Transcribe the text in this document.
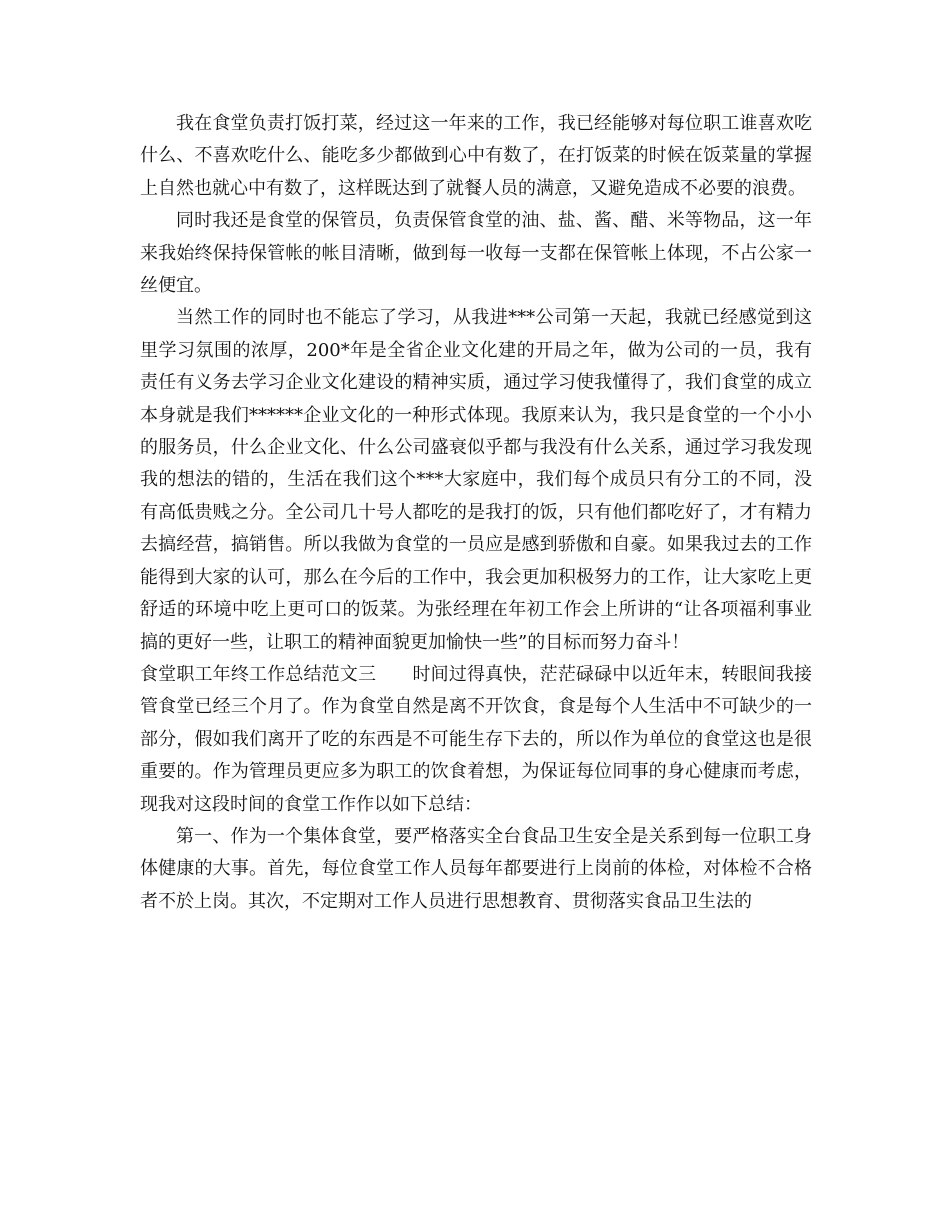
我在食堂负责打饭打菜，经过这一年来的工作，我已经能够对每位职工谁喜欢吃什么、不喜欢吃什么、能吃多少都做到心中有数了，在打饭菜的时候在饭菜量的掌握上自然也就心中有数了，这样既达到了就餐人员的满意，又避免造成不必要的浪费。

同时我还是食堂的保管员，负责保管食堂的油、盐、酱、醋、米等物品，这一年来我始终保持保管帐的帐目清晰，做到每一收每一支都在保管帐上体现，不占公家一丝便宜。

当然工作的同时也不能忘了学习，从我进***公司第一天起，我就已经感觉到这里学习氛围的浓厚，200*年是全省企业文化建的开局之年，做为公司的一员，我有责任有义务去学习企业文化建设的精神实质，通过学习使我懂得了，我们食堂的成立本身就是我们******企业文化的一种形式体现。我原来认为，我只是食堂的一个小小的服务员，什么企业文化、什么公司盛衰似乎都与我没有什么关系，通过学习我发现我的想法的错的，生活在我们这个***大家庭中，我们每个成员只有分工的不同，没有高低贵贱之分。全公司几十号人都吃的是我打的饭，只有他们都吃好了，才有精力去搞经营，搞销售。所以我做为食堂的一员应是感到骄傲和自豪。如果我过去的工作能得到大家的认可，那么在今后的工作中，我会更加积极努力的工作，让大家吃上更舒适的环境中吃上更可口的饭菜。为张经理在年初工作会上所讲的“让各项福利事业搞的更好一些，让职工的精神面貌更加愉快一些”的目标而努力奋斗！

食堂职工年终工作总结范文三　　 时间过得真快，茫茫碌碌中以近年末，转眼间我接管食堂已经三个月了。作为食堂自然是离不开饮食，食是每个人生活中不可缺少的一部分，假如我们离开了吃的东西是不可能生存下去的，所以作为单位的食堂这也是很重要的。作为管理员更应多为职工的饮食着想，为保证每位同事的身心健康而考虑，现我对这段时间的食堂工作作以如下总结：

第一、作为一个集体食堂，要严格落实全台食品卫生安全是关系到每一位职工身体健康的大事。首先，每位食堂工作人员每年都要进行上岗前的体检，对体检不合格者不於上岗。其次，不定期对工作人员进行思想教育、贯彻落实食品卫生法的
